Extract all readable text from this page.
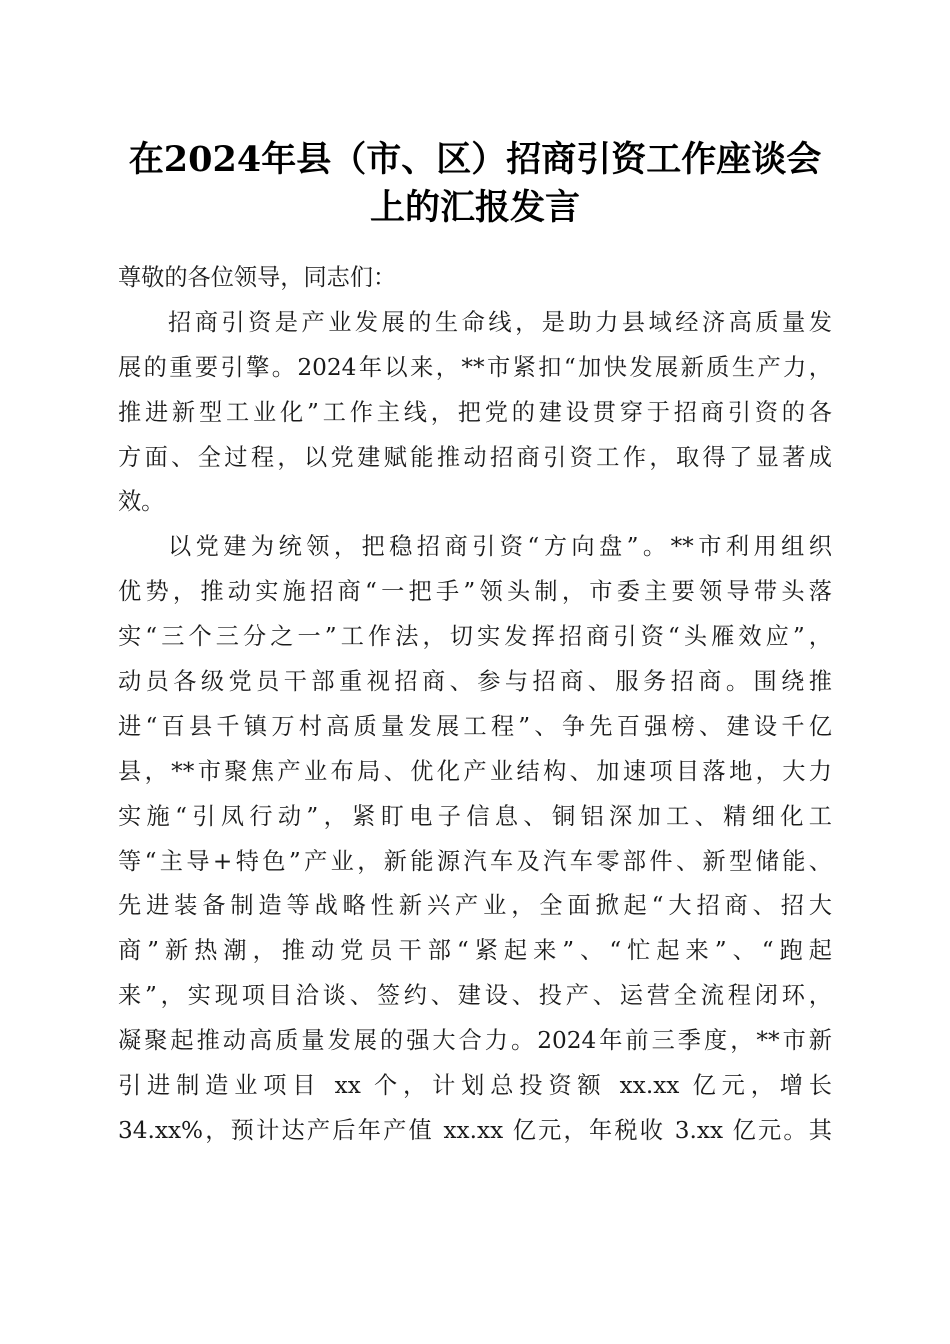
在2024年县（市、区）招商引资工作座谈会
上的汇报发言
尊敬的各位领导，同志们：
招商引资是产业发展的生命线，是助力县域经济高质量发
展的重要引擎。2024年以来，**市紧扣“加快发展新质生产力，
推进新型工业化”工作主线，把党的建设贯穿于招商引资的各
方面、全过程，以党建赋能推动招商引资工作，取得了显著成
效。
以党建为统领，把稳招商引资“方向盘”。**市利用组织
优势，推动实施招商“一把手”领头制，市委主要领导带头落
实“三个三分之一”工作法，切实发挥招商引资“头雁效应”，
动员各级党员干部重视招商、参与招商、服务招商。围绕推
进“百县千镇万村高质量发展工程”、争先百强榜、建设千亿
县，**市聚焦产业布局、优化产业结构、加速项目落地，大力
实施“引凤行动”，紧盯电子信息、铜铝深加工、精细化工
等“主导+特色”产业，新能源汽车及汽车零部件、新型储能、
先进装备制造等战略性新兴产业，全面掀起“大招商、招大
商”新热潮，推动党员干部“紧起来”、“忙起来”、“跑起
来”，实现项目洽谈、签约、建设、投产、运营全流程闭环，
凝聚起推动高质量发展的强大合力。2024年前三季度，**市新
引进制造业项目 xx 个，计划总投资额 xx.xx 亿元，增长
34.xx%，预计达产后年产值 xx.xx 亿元，年税收 3.xx 亿元。其
